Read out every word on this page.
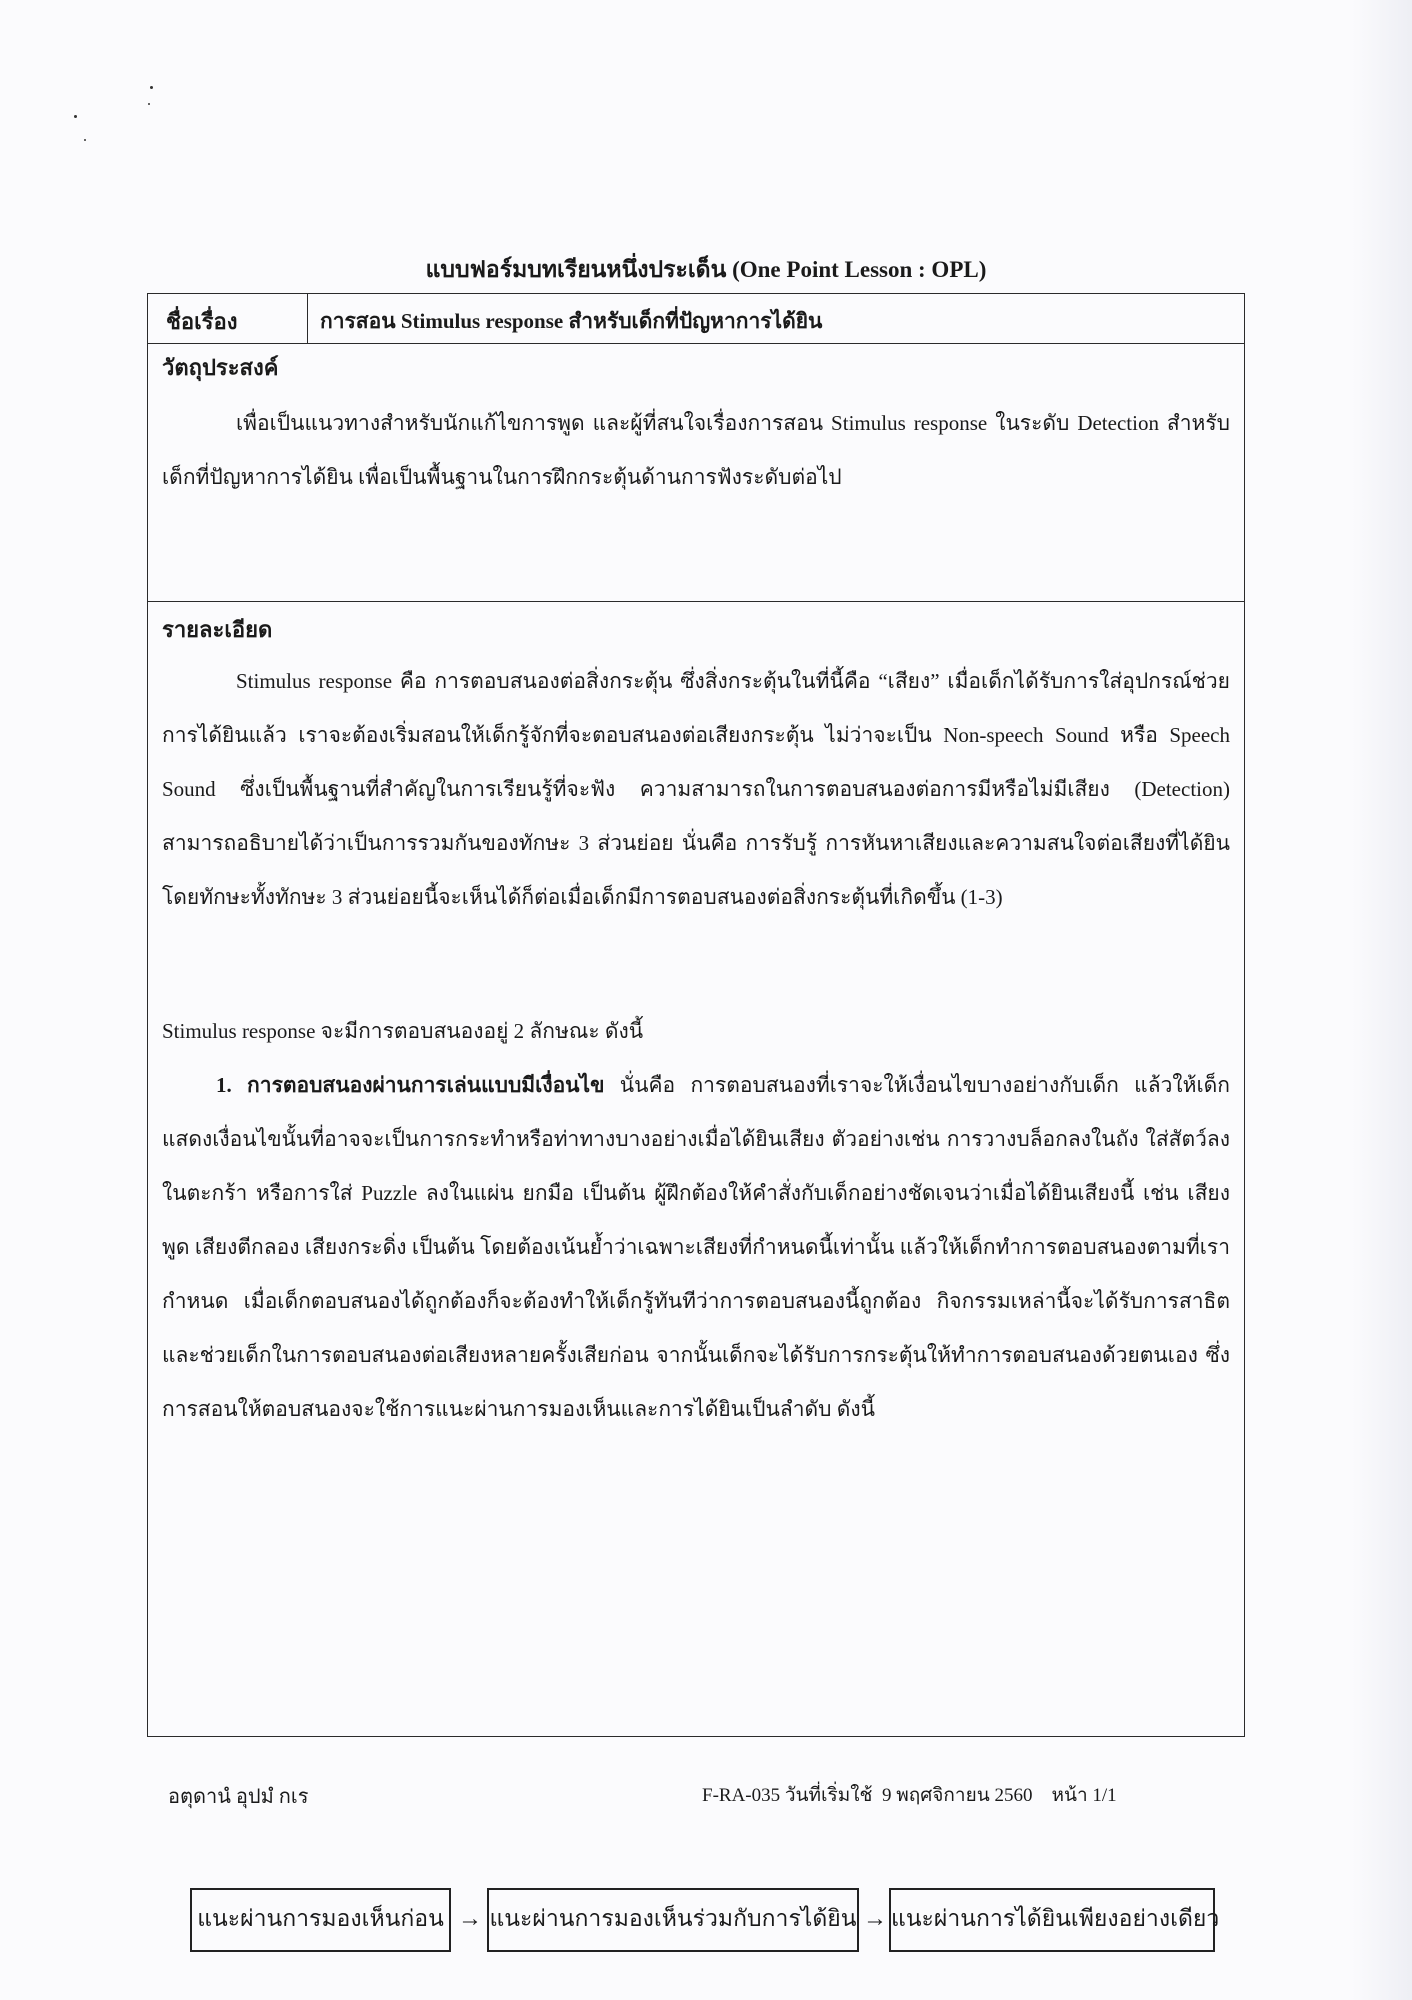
แบบฟอร์มบทเรียนหนึ่งประเด็น (One Point Lesson : OPL)
ชื่อเรื่อง	การสอน Stimulus response สำหรับเด็กที่ปัญหาการได้ยิน
วัตถุประสงค์
เพื่อเป็นแนวทางสำหรับนักแก้ไขการพูด และผู้ที่สนใจเรื่องการสอน Stimulus response ในระดับ Detection สำหรับเด็กที่ปัญหาการได้ยิน เพื่อเป็นพื้นฐานในการฝึกกระตุ้นด้านการฟังระดับต่อไป
รายละเอียด
Stimulus response คือ การตอบสนองต่อสิ่งกระตุ้น ซึ่งสิ่งกระตุ้นในที่นี้คือ “เสียง” เมื่อเด็กได้รับการใส่อุปกรณ์ช่วยการได้ยินแล้ว เราจะต้องเริ่มสอนให้เด็กรู้จักที่จะตอบสนองต่อเสียงกระตุ้น ไม่ว่าจะเป็น Non-speech Sound หรือ Speech Sound ซึ่งเป็นพื้นฐานที่สำคัญในการเรียนรู้ที่จะฟัง ความสามารถในการตอบสนองต่อการมีหรือไม่มีเสียง (Detection) สามารถอธิบายได้ว่าเป็นการรวมกันของทักษะ 3 ส่วนย่อย นั่นคือ การรับรู้ การหันหาเสียงและความสนใจต่อเสียงที่ได้ยิน โดยทักษะทั้งทักษะ 3 ส่วนย่อยนี้จะเห็นได้ก็ต่อเมื่อเด็กมีการตอบสนองต่อสิ่งกระตุ้นที่เกิดขึ้น (1-3)
Stimulus response จะมีการตอบสนองอยู่ 2 ลักษณะ ดังนี้
1. การตอบสนองผ่านการเล่นแบบมีเงื่อนไข นั่นคือ การตอบสนองที่เราจะให้เงื่อนไขบางอย่างกับเด็ก แล้วให้เด็กแสดงเงื่อนไขนั้นที่อาจจะเป็นการกระทำหรือท่าทางบางอย่างเมื่อได้ยินเสียง ตัวอย่างเช่น การวางบล็อกลงในถัง ใส่สัตว์ลงในตะกร้า หรือการใส่ Puzzle ลงในแผ่น ยกมือ เป็นต้น ผู้ฝึกต้องให้คำสั่งกับเด็กอย่างชัดเจนว่าเมื่อได้ยินเสียงนี้ เช่น เสียงพูด เสียงตีกลอง เสียงกระดิ่ง เป็นต้น โดยต้องเน้นย้ำว่าเฉพาะเสียงที่กำหนดนี้เท่านั้น แล้วให้เด็กทำการตอบสนองตามที่เรากำหนด เมื่อเด็กตอบสนองได้ถูกต้องก็จะต้องทำให้เด็กรู้ทันทีว่าการตอบสนองนี้ถูกต้อง กิจกรรมเหล่านี้จะได้รับการสาธิตและช่วยเด็กในการตอบสนองต่อเสียงหลายครั้งเสียก่อน จากนั้นเด็กจะได้รับการกระตุ้นให้ทำการตอบสนองด้วยตนเอง ซึ่งการสอนให้ตอบสนองจะใช้การแนะผ่านการมองเห็นและการได้ยินเป็นลำดับ ดังนี้
แนะผ่านการมองเห็นก่อน → แนะผ่านการมองเห็นร่วมกับการได้ยิน → แนะผ่านการได้ยินเพียงอย่างเดียว
อตุดานํ อุปมํ กเร	F-RA-035 วันที่เริ่มใช้  9 พฤศจิกายน 2560    หน้า 1/1
